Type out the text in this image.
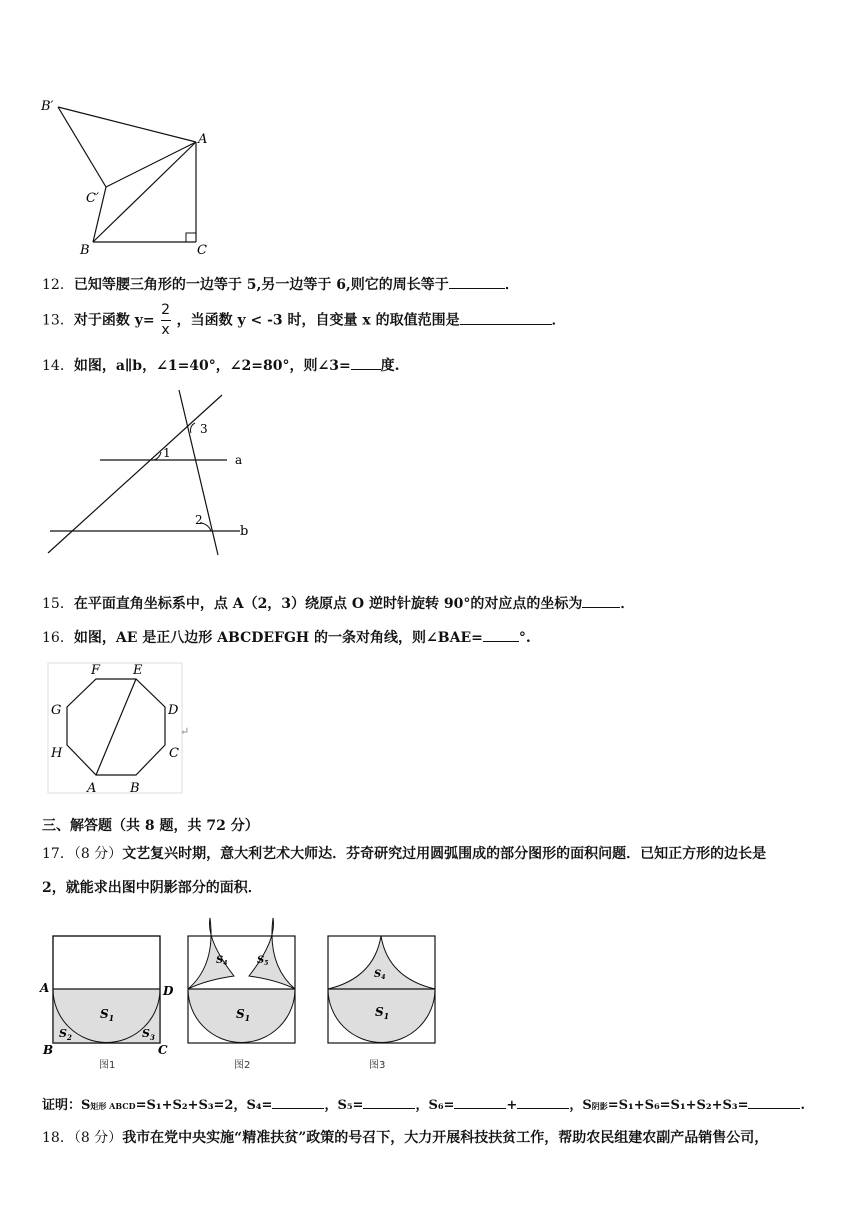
B′
A
C′
B	C
12．已知等腰三角形的一边等于 5,另一边等于 6,则它的周长等于	．
13．对于函数 $y= \frac{2}{x}$ ，当函数 y < -3 时，自变量 x 的取值范围是	．
14．如图，a∥b，∠1=40°，∠2=80°，则∠3= 度.
3
1	a
2
b
15．在平面直角坐标系中，点 A（2，3）绕原点 O 逆时针旋转 90°的对应点的坐标为	．
16．如图，AE 是正八边形 ABCDEFGH 的一条对角线，则∠BAE=	°.
F	E
G	D
H	C
A	B
↵
三、解答题（共 8 题，共 72 分）
17．（8 分）文艺复兴时期，意大利艺术大师达．芬奇研究过用圆弧围成的部分图形的面积问题．已知正方形的边长是
2，就能求出图中阴影部分的面积．
A	D
B	C
$S_1$
$S_2$	$S_3$
图1
$S_4$	$S_5$
$S_1$
图2
$S_4$
$S_1$
图3
证明：S矩形 ABCD=S₁+S₂+S₃=2，S₄=	，S₅=	，S₆=	+	，S阴影=S₁+S₆=S₁+S₂+S₃=	.
18．（8 分）我市在党中央实施“精准扶贫”政策的号召下，大力开展科技扶贫工作，帮助农民组建农副产品销售公司，
